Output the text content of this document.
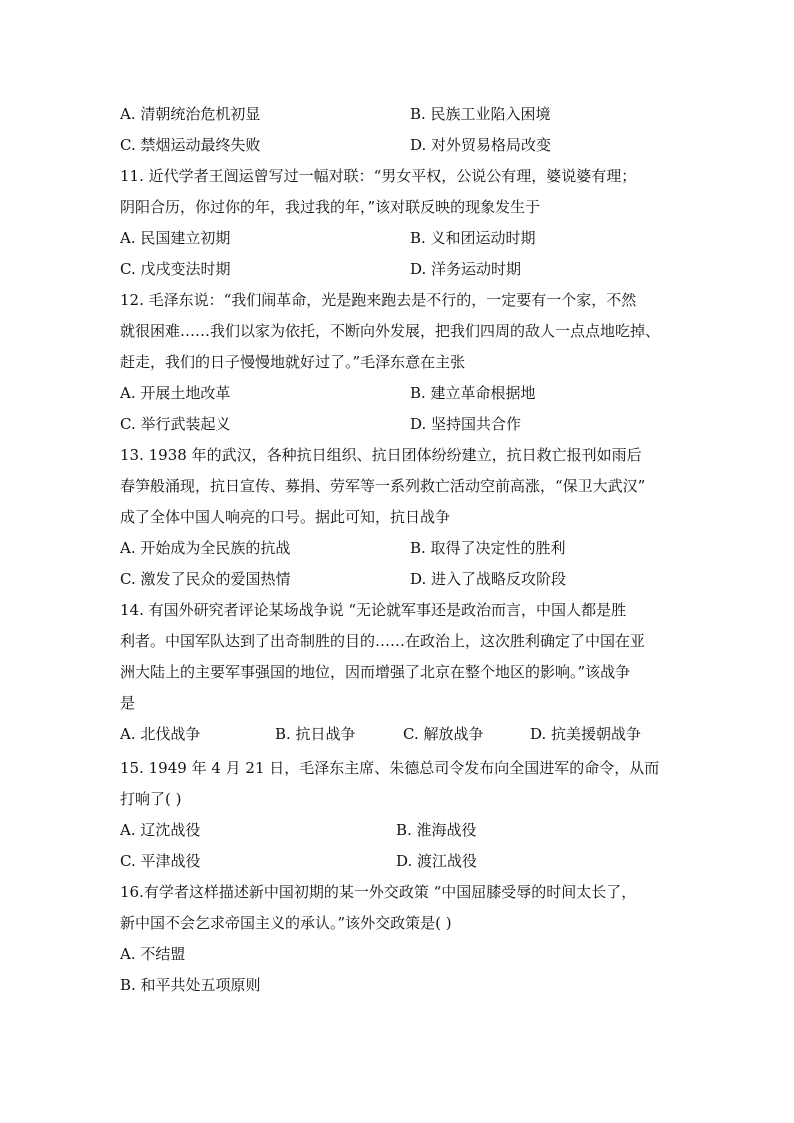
A. 清朝统治危机初显	B. 民族工业陷入困境
C. 禁烟运动最终失败	D. 对外贸易格局改变
11. 近代学者王闿运曾写过一幅对联：“男女平权，公说公有理，婆说婆有理；
阴阳合历，你过你的年，我过我的年，”该对联反映的现象发生于
A. 民国建立初期	B. 义和团运动时期
C. 戊戌变法时期	D. 洋务运动时期
12. 毛泽东说：“我们闹革命，光是跑来跑去是不行的，一定要有一个家，不然
就很困难……我们以家为依托，不断向外发展，把我们四周的敌人一点点地吃掉、
赶走，我们的日子慢慢地就好过了。”毛泽东意在主张
A. 开展土地改革	B. 建立革命根据地
C. 举行武装起义	D. 坚持国共合作
13. 1938 年的武汉，各种抗日组织、抗日团体纷纷建立，抗日救亡报刊如雨后
春笋般涌现，抗日宣传、募捐、劳军等一系列救亡活动空前高涨，“保卫大武汉”
成了全体中国人响亮的口号。据此可知，抗日战争
A. 开始成为全民族的抗战	B. 取得了决定性的胜利
C. 激发了民众的爱国热情	D. 进入了战略反攻阶段
14. 有国外研究者评论某场战争说 “无论就军事还是政治而言，中国人都是胜
利者。中国军队达到了出奇制胜的目的……在政治上，这次胜利确定了中国在亚
洲大陆上的主要军事强国的地位，因而增强了北京在整个地区的影响。”该战争
是
A. 北伐战争	B. 抗日战争	C. 解放战争	D. 抗美援朝战争
15. 1949 年 4 月 21 日，毛泽东主席、朱德总司令发布向全国进军的命令，从而
打响了( )
A. 辽沈战役	B. 淮海战役
C. 平津战役	D. 渡江战役
16.有学者这样描述新中国初期的某一外交政策 “中国屈膝受辱的时间太长了，
新中国不会乞求帝国主义的承认。”该外交政策是( )
A. 不结盟
B. 和平共处五项原则
